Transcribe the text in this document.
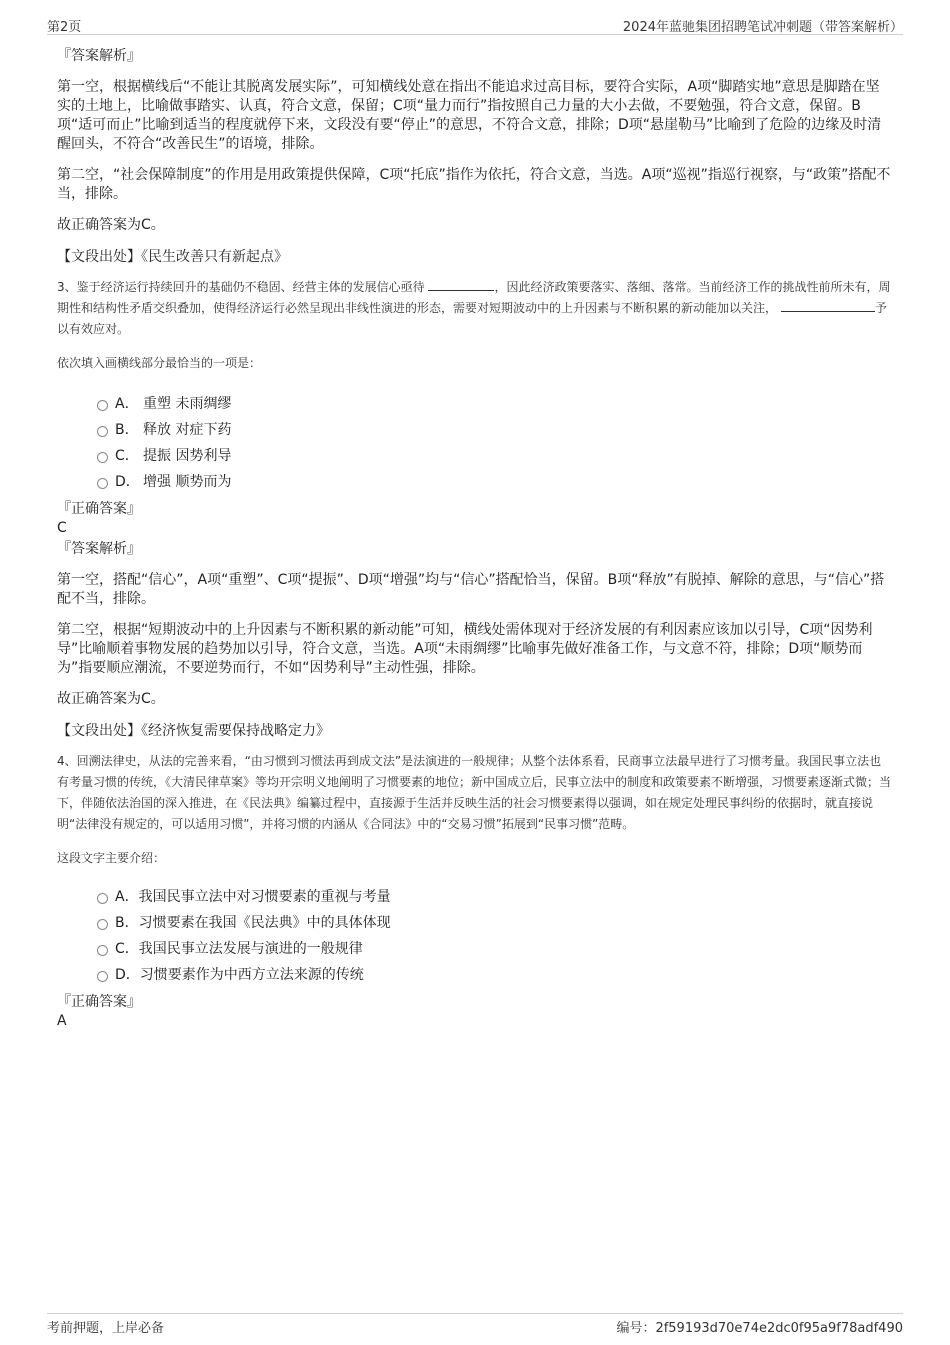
第2页	2024年蓝驰集团招聘笔试冲刺题（带答案解析）

『答案解析』

第一空，根据横线后“不能让其脱离发展实际”，可知横线处意在指出不能追求过高目标，要符合实际，A项“脚踏实地”意思是脚踏在坚实的土地上，比喻做事踏实、认真，符合文意，保留；C项“量力而行”指按照自己力量的大小去做，不要勉强，符合文意，保留。B项“适可而止”比喻到适当的程度就停下来，文段没有要“停止”的意思，不符合文意，排除；D项“悬崖勒马”比喻到了危险的边缘及时清醒回头，不符合“改善民生”的语境，排除。

第二空，“社会保障制度”的作用是用政策提供保障，C项“托底”指作为依托，符合文意，当选。A项“巡视”指巡行视察，与“政策”搭配不当，排除。

故正确答案为C。

【文段出处】《民生改善只有新起点》

3、鉴于经济运行持续回升的基础仍不稳固、经营主体的发展信心亟待	，因此经济政策要落实、落细、落常。当前经济工作的挑战性前所未有，周期性和结构性矛盾交织叠加，使得经济运行必然呈现出非线性演进的形态，需要对短期波动中的上升因素与不断积累的新动能加以关注，	予以有效应对。

依次填入画横线部分最恰当的一项是：

A． 重塑 未雨绸缪
B． 释放 对症下药
C． 提振 因势利导
D． 增强 顺势而为

『正确答案』

C

『答案解析』

第一空，搭配“信心”，A项“重塑”、C项“提振”、D项“增强”均与“信心”搭配恰当，保留。B项“释放”有脱掉、解除的意思，与“信心”搭配不当，排除。

第二空，根据“短期波动中的上升因素与不断积累的新动能”可知，横线处需体现对于经济发展的有利因素应该加以引导，C项“因势利导”比喻顺着事物发展的趋势加以引导，符合文意，当选。A项“未雨绸缪”比喻事先做好准备工作，与文意不符，排除；D项“顺势而为”指要顺应潮流，不要逆势而行，不如“因势利导”主动性强，排除。

故正确答案为C。

【文段出处】《经济恢复需要保持战略定力》

4、回溯法律史，从法的完善来看，“由习惯到习惯法再到成文法”是法演进的一般规律；从整个法体系看，民商事立法最早进行了习惯考量。我国民事立法也有考量习惯的传统，《大清民律草案》等均开宗明义地阐明了习惯要素的地位；新中国成立后，民事立法中的制度和政策要素不断增强，习惯要素逐渐式微；当下，伴随依法治国的深入推进，在《民法典》编纂过程中，直接源于生活并反映生活的社会习惯要素得以强调，如在规定处理民事纠纷的依据时，就直接说明“法律没有规定的，可以适用习惯”，并将习惯的内涵从《合同法》中的“交易习惯”拓展到“民事习惯”范畴。

这段文字主要介绍：

A．我国民事立法中对习惯要素的重视与考量
B．习惯要素在我国《民法典》中的具体体现
C．我国民事立法发展与演进的一般规律
D．习惯要素作为中西方立法来源的传统

『正确答案』

A

考前押题，上岸必备	编号：2f59193d70e74e2dc0f95a9f78adf490
